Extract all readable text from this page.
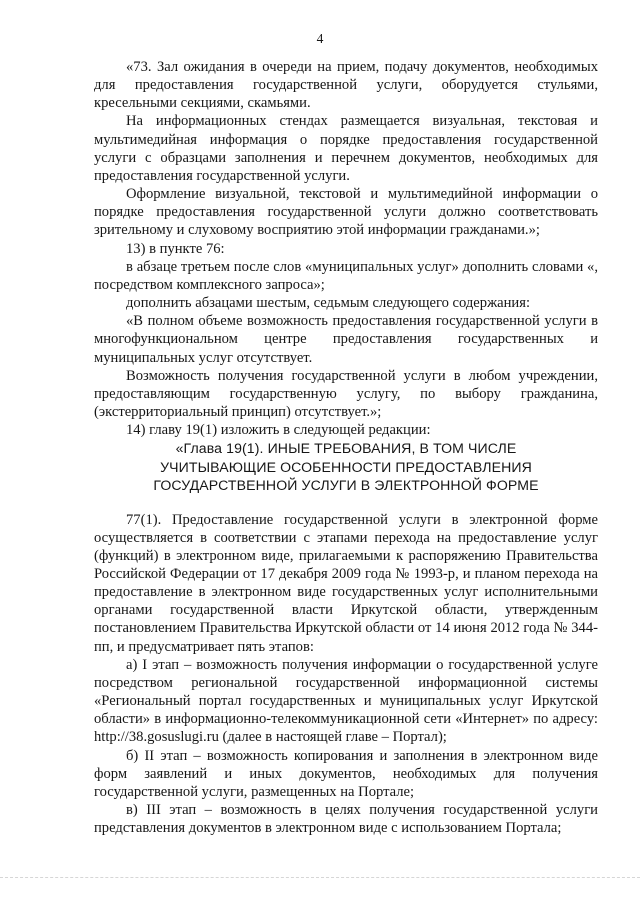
4

«73. Зал ожидания в очереди на прием, подачу документов, необходимых для предоставления государственной услуги, оборудуется стульями, кресельными секциями, скамьями.

На информационных стендах размещается визуальная, текстовая и мультимедийная информация о порядке предоставления государственной услуги с образцами заполнения и перечнем документов, необходимых для предоставления государственной услуги.

Оформление визуальной, текстовой и мультимедийной информации о порядке предоставления государственной услуги должно соответствовать зрительному и слуховому восприятию этой информации гражданами.»;

13) в пункте 76:

в абзаце третьем после слов «муниципальных услуг» дополнить словами «, посредством комплексного запроса»;

дополнить абзацами шестым, седьмым следующего содержания:

«В полном объеме возможность предоставления государственной услуги в многофункциональном центре предоставления государственных и муниципальных услуг отсутствует.

Возможность получения государственной услуги в любом учреждении, предоставляющим государственную услугу, по выбору гражданина, (экстерриториальный принцип) отсутствует.»;

14) главу 19(1) изложить в следующей редакции:

«Глава 19(1). ИНЫЕ ТРЕБОВАНИЯ, В ТОМ ЧИСЛЕ

УЧИТЫВАЮЩИЕ ОСОБЕННОСТИ ПРЕДОСТАВЛЕНИЯ

ГОСУДАРСТВЕННОЙ УСЛУГИ В ЭЛЕКТРОННОЙ ФОРМЕ

77(1). Предоставление государственной услуги в электронной форме осуществляется в соответствии с этапами перехода на предоставление услуг (функций) в электронном виде, прилагаемыми к распоряжению Правительства Российской Федерации от 17 декабря 2009 года № 1993-р, и планом перехода на предоставление в электронном виде государственных услуг исполнительными органами государственной власти Иркутской области, утвержденным постановлением Правительства Иркутской области от 14 июня 2012 года № 344-пп, и предусматривает пять этапов:

а) I этап – возможность получения информации о государственной услуге посредством региональной государственной информационной системы «Региональный портал государственных и муниципальных услуг Иркутской области» в информационно-телекоммуникационной сети «Интернет» по адресу: http://38.gosuslugi.ru (далее в настоящей главе – Портал);

б) II этап – возможность копирования и заполнения в электронном виде форм заявлений и иных документов, необходимых для получения государственной услуги, размещенных на Портале;

в) III этап – возможность в целях получения государственной услуги представления документов в электронном виде с использованием Портала;
